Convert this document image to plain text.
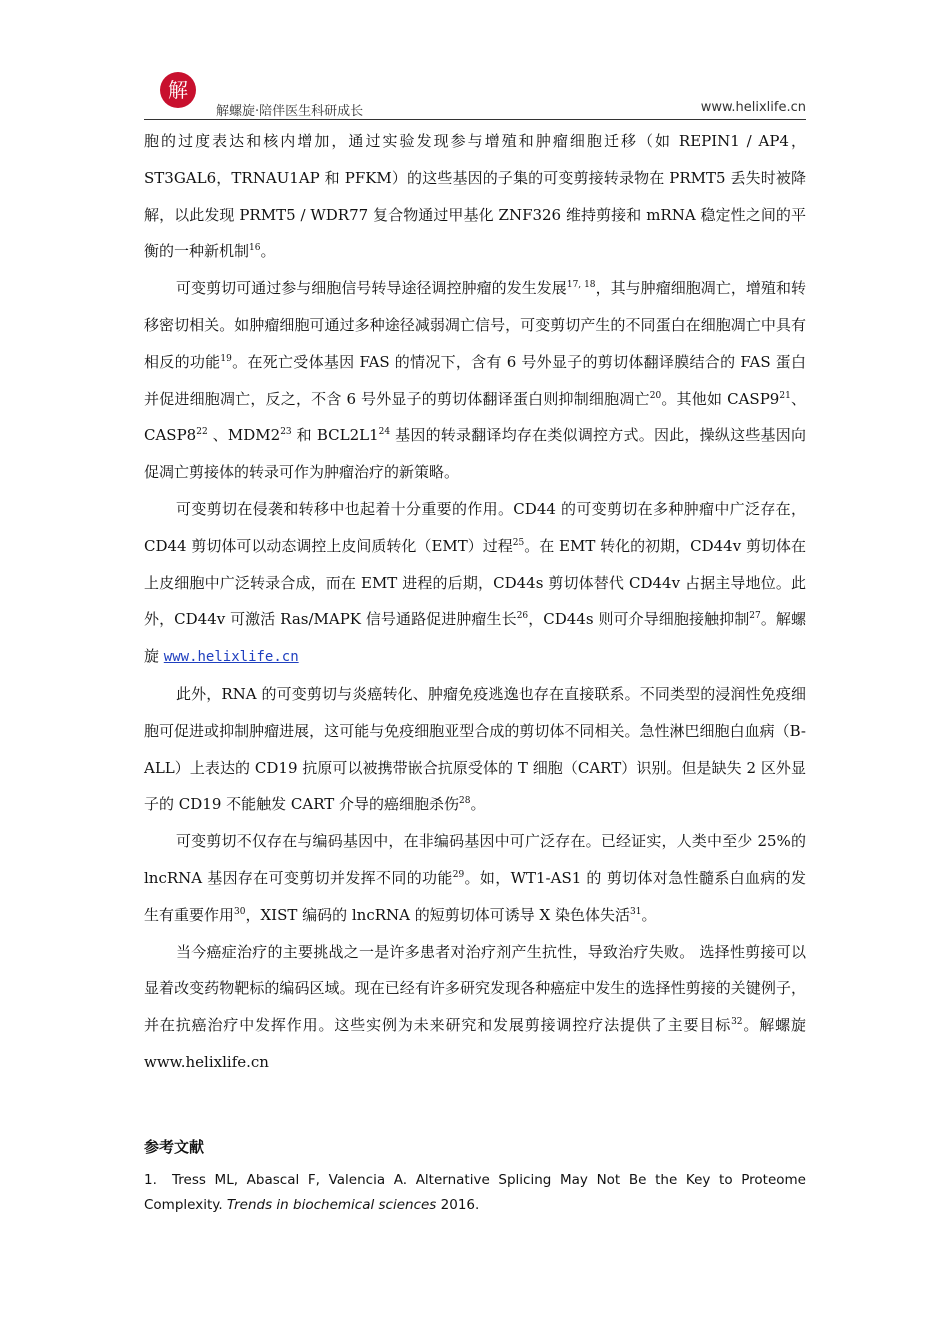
解
解螺旋·陪伴医生科研成长	www.helixlife.cn

胞的过度表达和核内增加，通过实验发现参与增殖和肿瘤细胞迁移（如 REPIN1 / AP4，ST3GAL6，TRNAU1AP 和 PFKM）的这些基因的子集的可变剪接转录物在 PRMT5 丢失时被降解，以此发现 PRMT5 / WDR77 复合物通过甲基化 ZNF326 维持剪接和 mRNA 稳定性之间的平衡的一种新机制$^{16}$。

可变剪切可通过参与细胞信号转导途径调控肿瘤的发生发展$^{17, 18}$，其与肿瘤细胞凋亡，增殖和转移密切相关。如肿瘤细胞可通过多种途径减弱凋亡信号，可变剪切产生的不同蛋白在细胞凋亡中具有相反的功能$^{19}$。在死亡受体基因 FAS 的情况下，含有 6 号外显子的剪切体翻译膜结合的 FAS 蛋白并促进细胞凋亡，反之，不含 6 号外显子的剪切体翻译蛋白则抑制细胞凋亡$^{20}$。其他如 $CASP9^{21}$、$CASP8^{22}$ 、$MDM2^{23}$ 和 $BCL2L1^{24}$ 基因的转录翻译均存在类似调控方式。因此，操纵这些基因向促凋亡剪接体的转录可作为肿瘤治疗的新策略。

可变剪切在侵袭和转移中也起着十分重要的作用。CD44 的可变剪切在多种肿瘤中广泛存在，CD44 剪切体可以动态调控上皮间质转化（EMT）过程$^{25}$。在 EMT 转化的初期，CD44v 剪切体在上皮细胞中广泛转录合成，而在 EMT 进程的后期，CD44s 剪切体替代 CD44v 占据主导地位。此外，CD44v 可激活 Ras/MAPK 信号通路促进肿瘤生长$^{26}$，CD44s 则可介导细胞接触抑制$^{27}$。解螺旋 www.helixlife.cn

此外，RNA 的可变剪切与炎癌转化、肿瘤免疫逃逸也存在直接联系。不同类型的浸润性免疫细胞可促进或抑制肿瘤进展，这可能与免疫细胞亚型合成的剪切体不同相关。急性淋巴细胞白血病（B-ALL）上表达的 CD19 抗原可以被携带嵌合抗原受体的 T 细胞（CART）识别。但是缺失 2 区外显子的 CD19 不能触发 CART 介导的癌细胞杀伤$^{28}$。

可变剪切不仅存在与编码基因中，在非编码基因中可广泛存在。已经证实，人类中至少 25%的 lncRNA 基因存在可变剪切并发挥不同的功能$^{29}$。如，WT1-AS1 的 剪切体对急性髓系白血病的发生有重要作用$^{30}$，XIST 编码的 lncRNA 的短剪切体可诱导 X 染色体失活$^{31}$。

当今癌症治疗的主要挑战之一是许多患者对治疗剂产生抗性，导致治疗失败。 选择性剪接可以显着改变药物靶标的编码区域。现在已经有许多研究发现各种癌症中发生的选择性剪接的关键例子，并在抗癌治疗中发挥作用。这些实例为未来研究和发展剪接调控疗法提供了主要目标$^{32}$。解螺旋 www.helixlife.cn

参考文献
1. Tress ML, Abascal F, Valencia A. Alternative Splicing May Not Be the Key to Proteome Complexity. Trends in biochemical sciences 2016.
